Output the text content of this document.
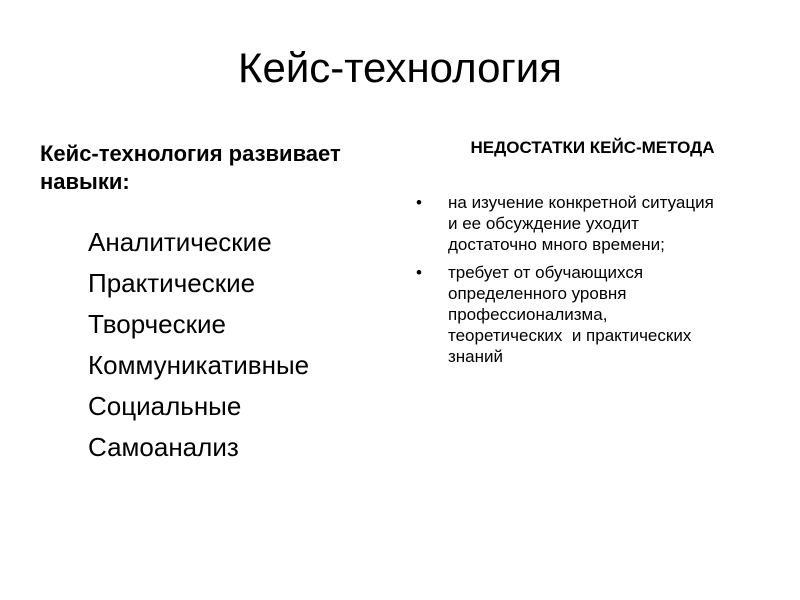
Кейс-технология
Кейс-технология развивает навыки:
Аналитические
Практические
Творческие
Коммуникативные
Социальные
Самоанализ
НЕДОСТАТКИ КЕЙС-МЕТОДА
на изучение конкретной ситуация и ее обсуждение уходит достаточно много времени;
требует от обучающихся определенного уровня профессионализма, теоретических  и практических знаний
